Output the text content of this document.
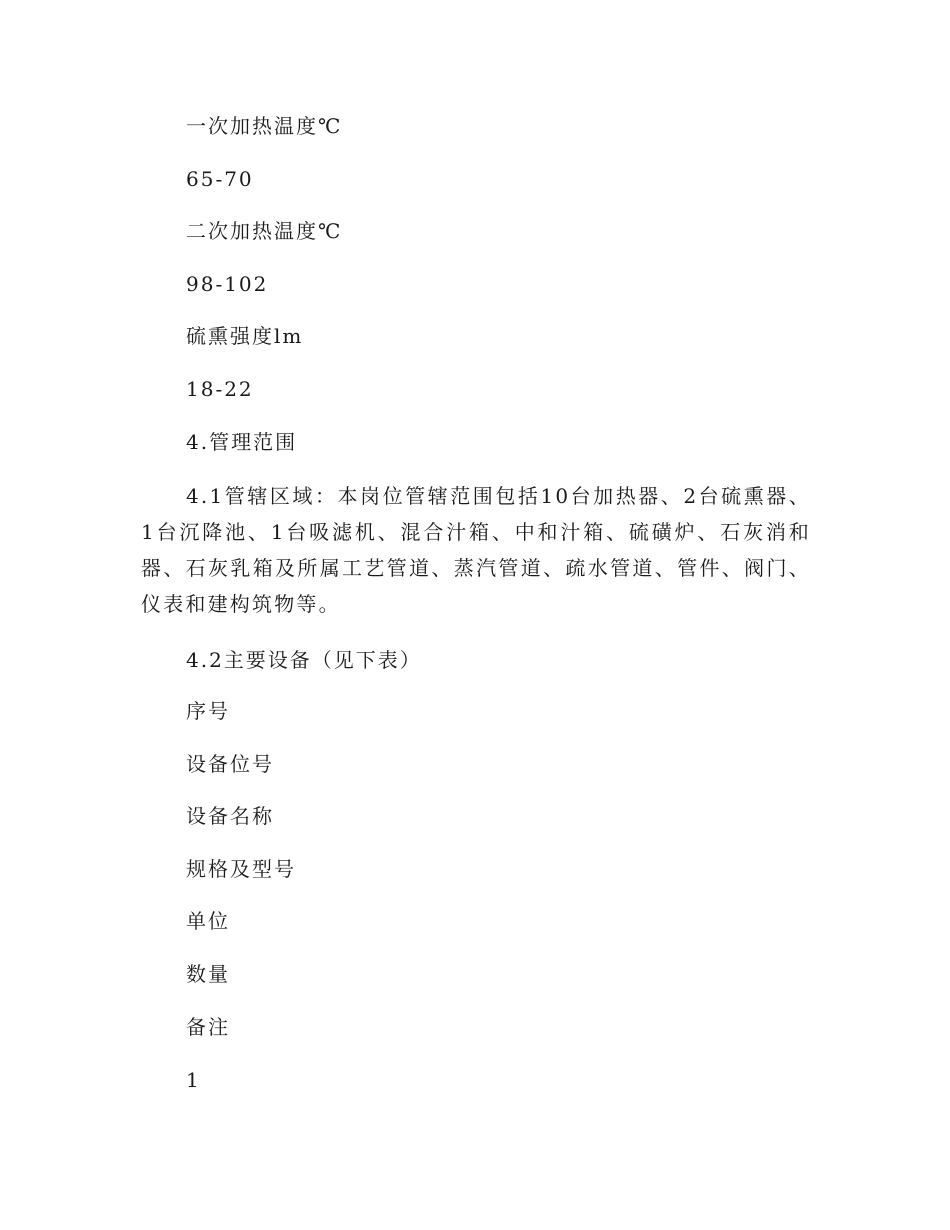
一次加热温度℃
65-70
二次加热温度℃
98-102
硫熏强度lm
18-22
4.管理范围
4.1管辖区域：本岗位管辖范围包括10台加热器、2台硫熏器、1台沉降池、1台吸滤机、混合汁箱、中和汁箱、硫磺炉、石灰消和器、石灰乳箱及所属工艺管道、蒸汽管道、疏水管道、管件、阀门、仪表和建构筑物等。
4.2主要设备（见下表）
序号
设备位号
设备名称
规格及型号
单位
数量
备注
1
